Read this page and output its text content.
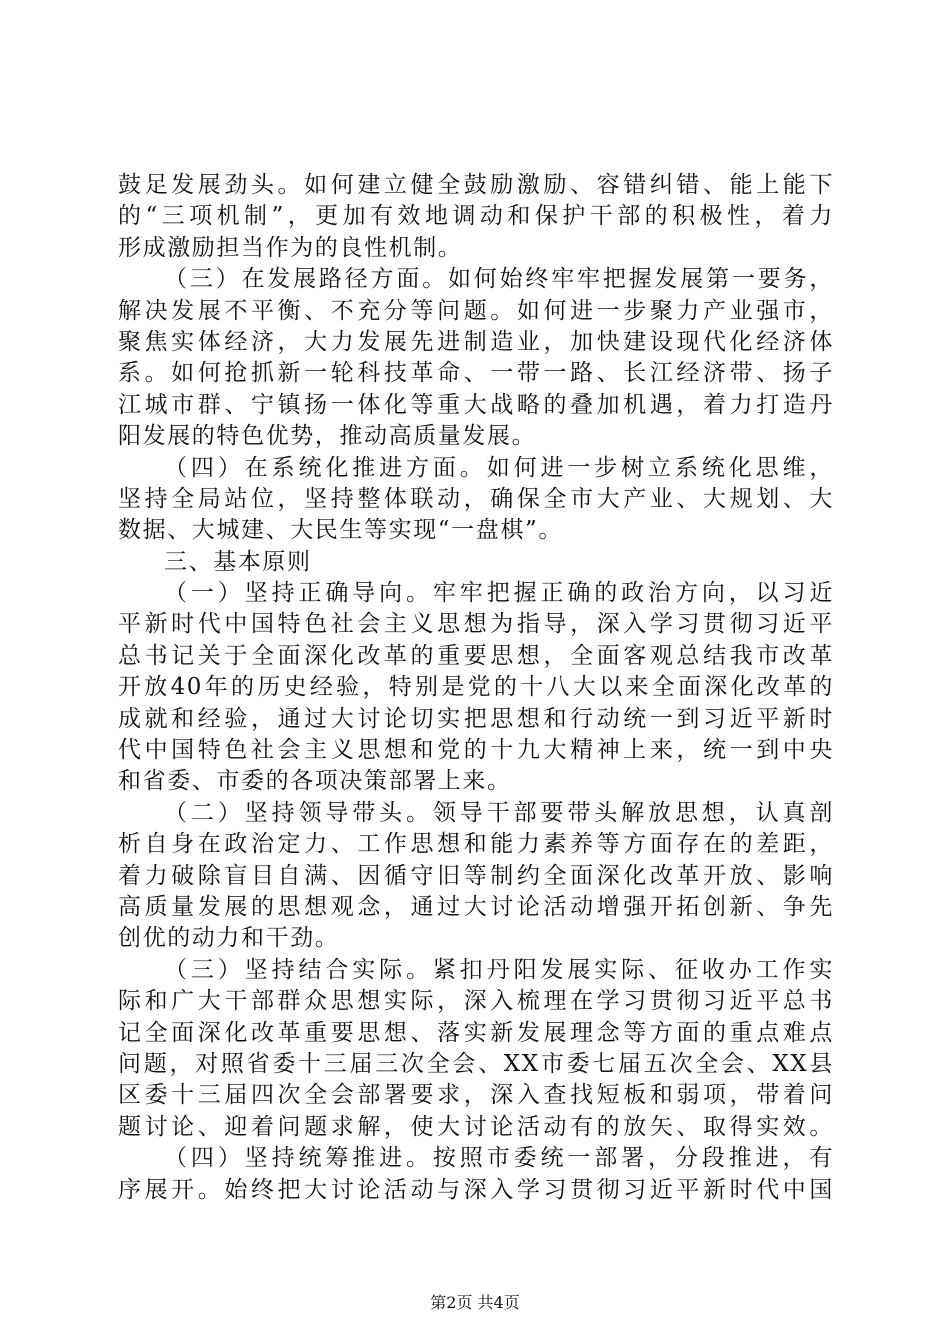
鼓足发展劲头。如何建立健全鼓励激励、容错纠错、能上能下
的“三项机制”，更加有效地调动和保护干部的积极性，着力
形成激励担当作为的良性机制。
（三）在发展路径方面。如何始终牢牢把握发展第一要务，
解决发展不平衡、不充分等问题。如何进一步聚力产业强市，
聚焦实体经济，大力发展先进制造业，加快建设现代化经济体
系。如何抢抓新一轮科技革命、一带一路、长江经济带、扬子
江城市群、宁镇扬一体化等重大战略的叠加机遇，着力打造丹
阳发展的特色优势，推动高质量发展。
（四）在系统化推进方面。如何进一步树立系统化思维，
坚持全局站位，坚持整体联动，确保全市大产业、大规划、大
数据、大城建、大民生等实现“一盘棋”。
三、基本原则
（一）坚持正确导向。牢牢把握正确的政治方向，以习近
平新时代中国特色社会主义思想为指导，深入学习贯彻习近平
总书记关于全面深化改革的重要思想，全面客观总结我市改革
开放40年的历史经验，特别是党的十八大以来全面深化改革的
成就和经验，通过大讨论切实把思想和行动统一到习近平新时
代中国特色社会主义思想和党的十九大精神上来，统一到中央
和省委、市委的各项决策部署上来。
（二）坚持领导带头。领导干部要带头解放思想，认真剖
析自身在政治定力、工作思想和能力素养等方面存在的差距，
着力破除盲目自满、因循守旧等制约全面深化改革开放、影响
高质量发展的思想观念，通过大讨论活动增强开拓创新、争先
创优的动力和干劲。
（三）坚持结合实际。紧扣丹阳发展实际、征收办工作实
际和广大干部群众思想实际，深入梳理在学习贯彻习近平总书
记全面深化改革重要思想、落实新发展理念等方面的重点难点
问题，对照省委十三届三次全会、XX市委七届五次全会、XX县
区委十三届四次全会部署要求，深入查找短板和弱项，带着问
题讨论、迎着问题求解，使大讨论活动有的放矢、取得实效。
（四）坚持统筹推进。按照市委统一部署，分段推进，有
序展开。始终把大讨论活动与深入学习贯彻习近平新时代中国
第2页 共4页
